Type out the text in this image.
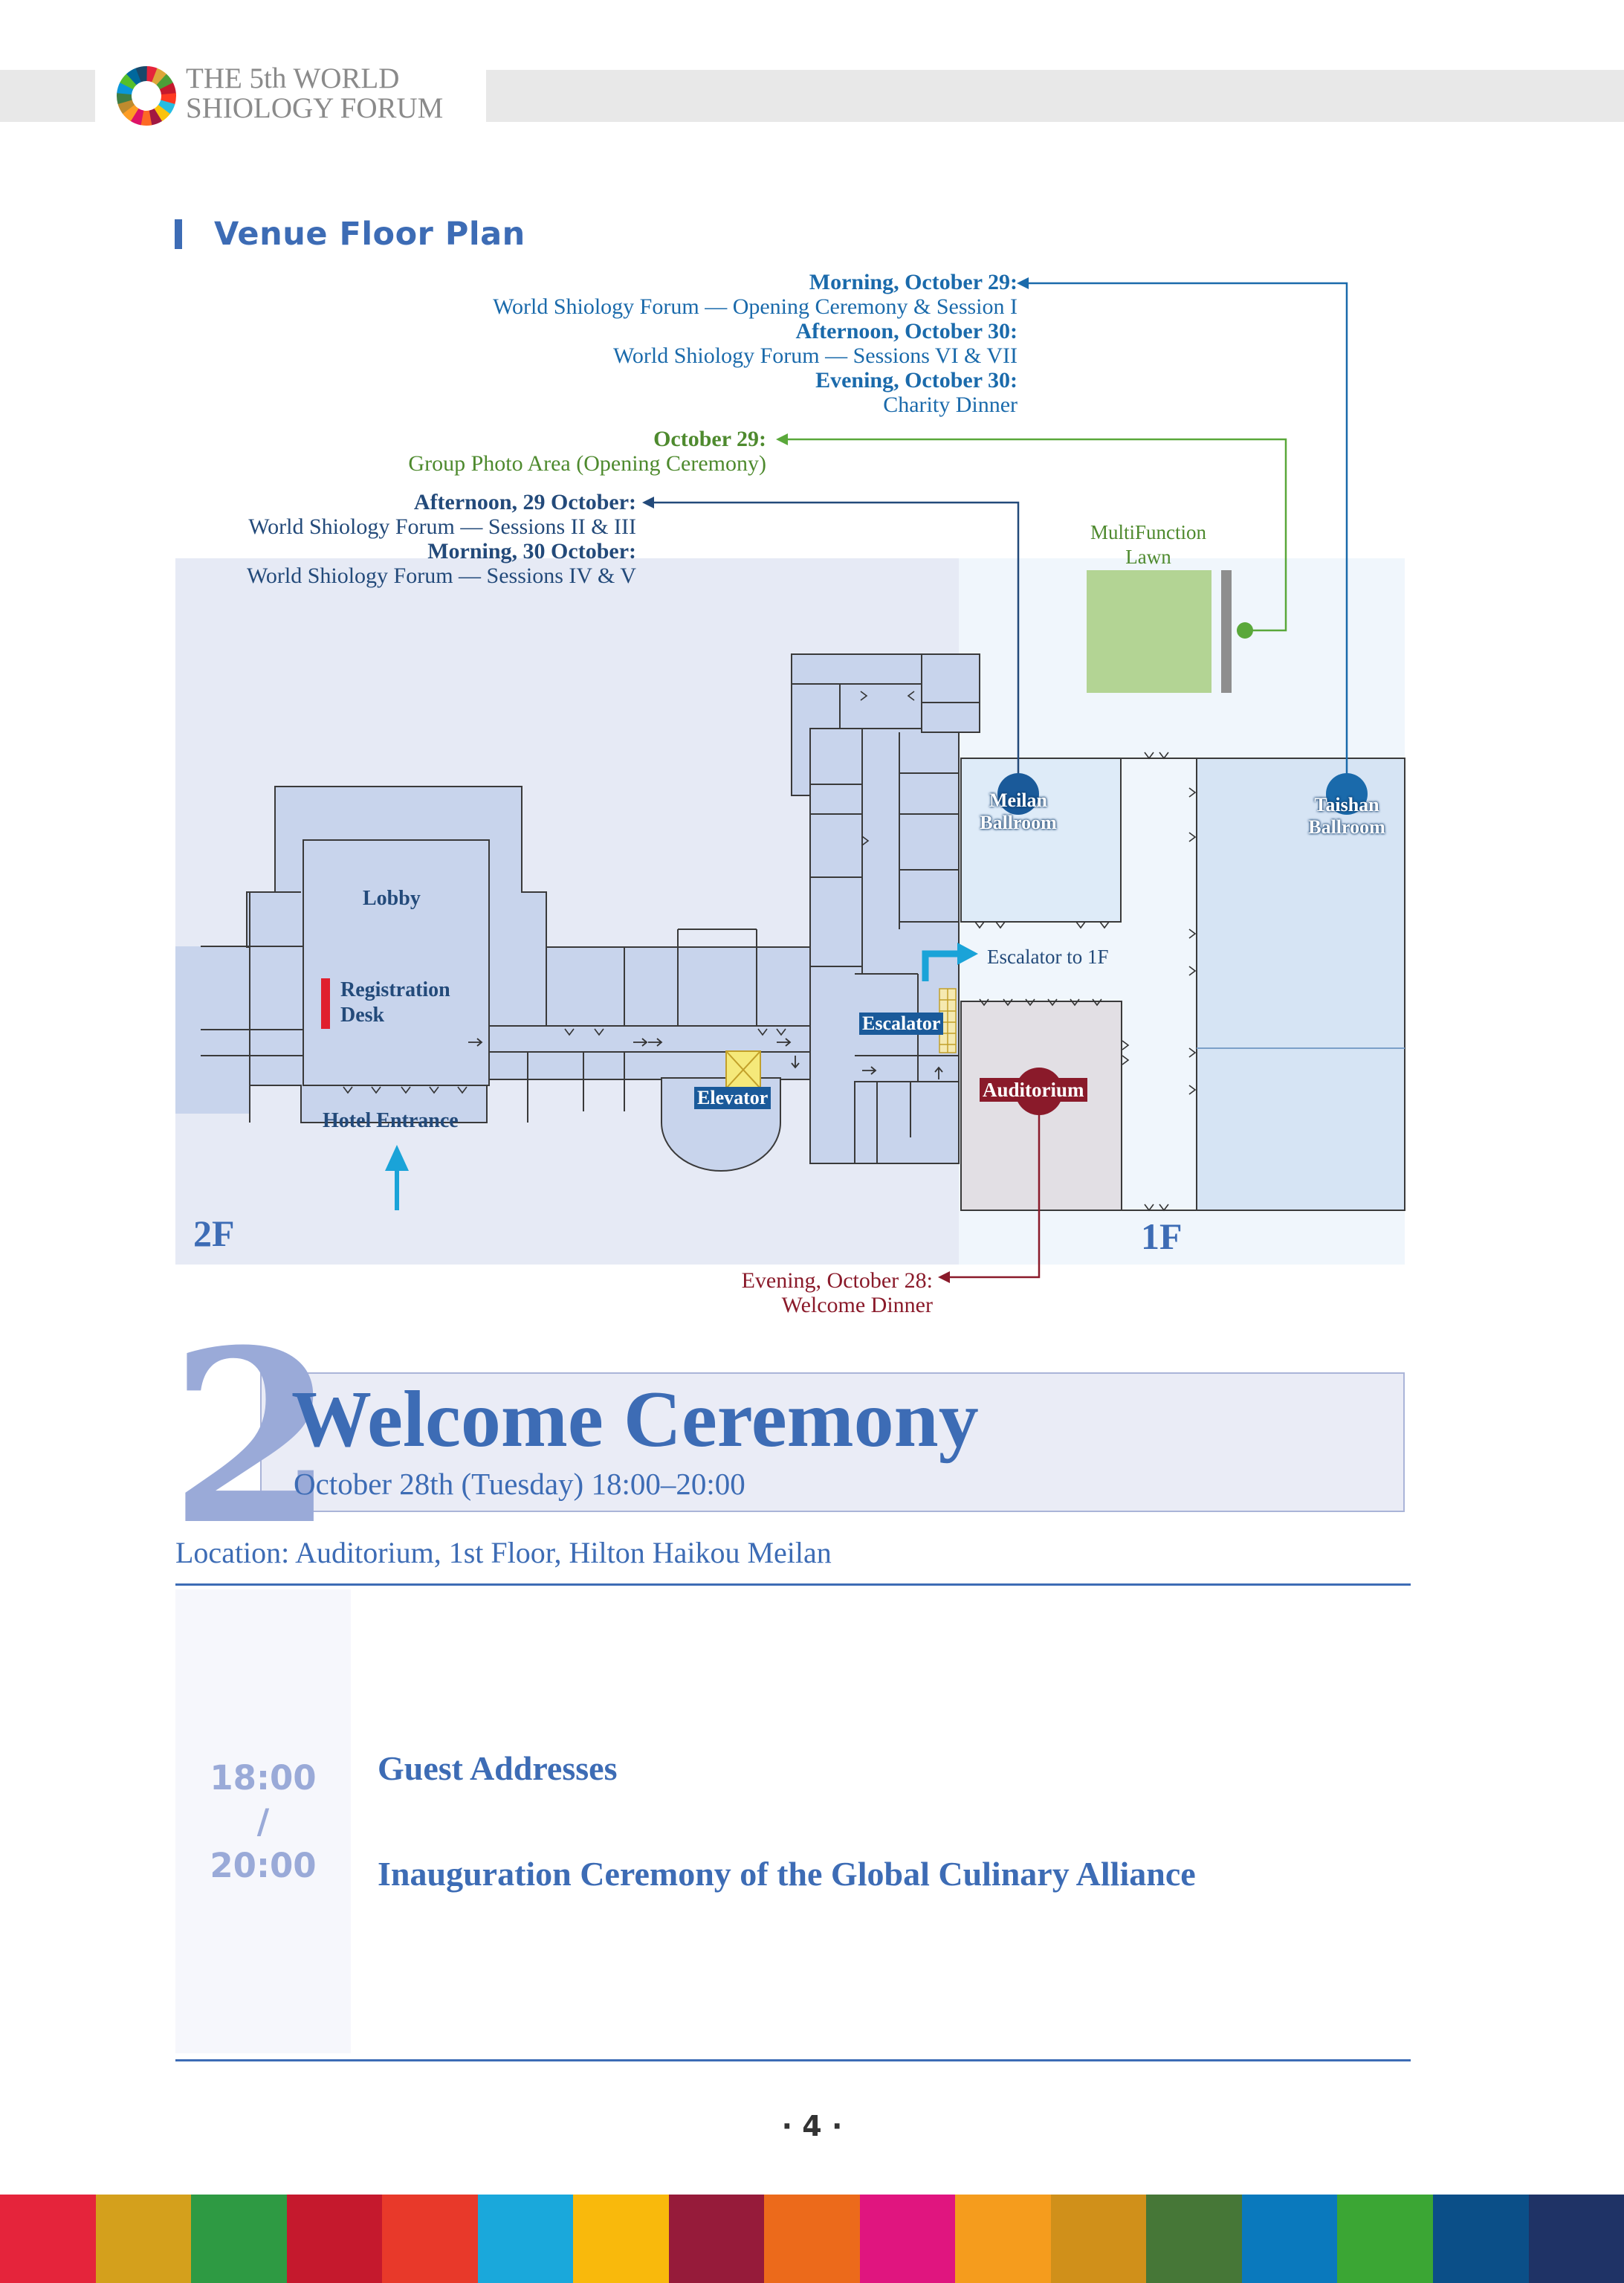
THE 5th WORLD
SHIOLOGY FORUM
Venue Floor Plan
2F	1F
Lobby
Registration
Desk
Hotel Entrance
Elevator
Escalator
Escalator to 1F
Meilan
Ballroom
Taishan
Ballroom
Auditorium
MultiFunction
Lawn
Morning, October 29:
World Shiology Forum — Opening Ceremony & Session I
Afternoon, October 30:
World Shiology Forum — Sessions VI & VII
Evening, October 30:
Charity Dinner
October 29:
Group Photo Area (Opening Ceremony)
Afternoon, 29 October:
World Shiology Forum — Sessions II & III
Morning, 30 October:
World Shiology Forum — Sessions IV & V
Evening, October 28:
Welcome Dinner
2
Welcome Ceremony
October 28th (Tuesday) 18:00–20:00
Location: Auditorium, 1st Floor, Hilton Haikou Meilan
18:00
/
20:00
Guest Addresses
Inauguration Ceremony of the Global Culinary Alliance
· 4 ·
